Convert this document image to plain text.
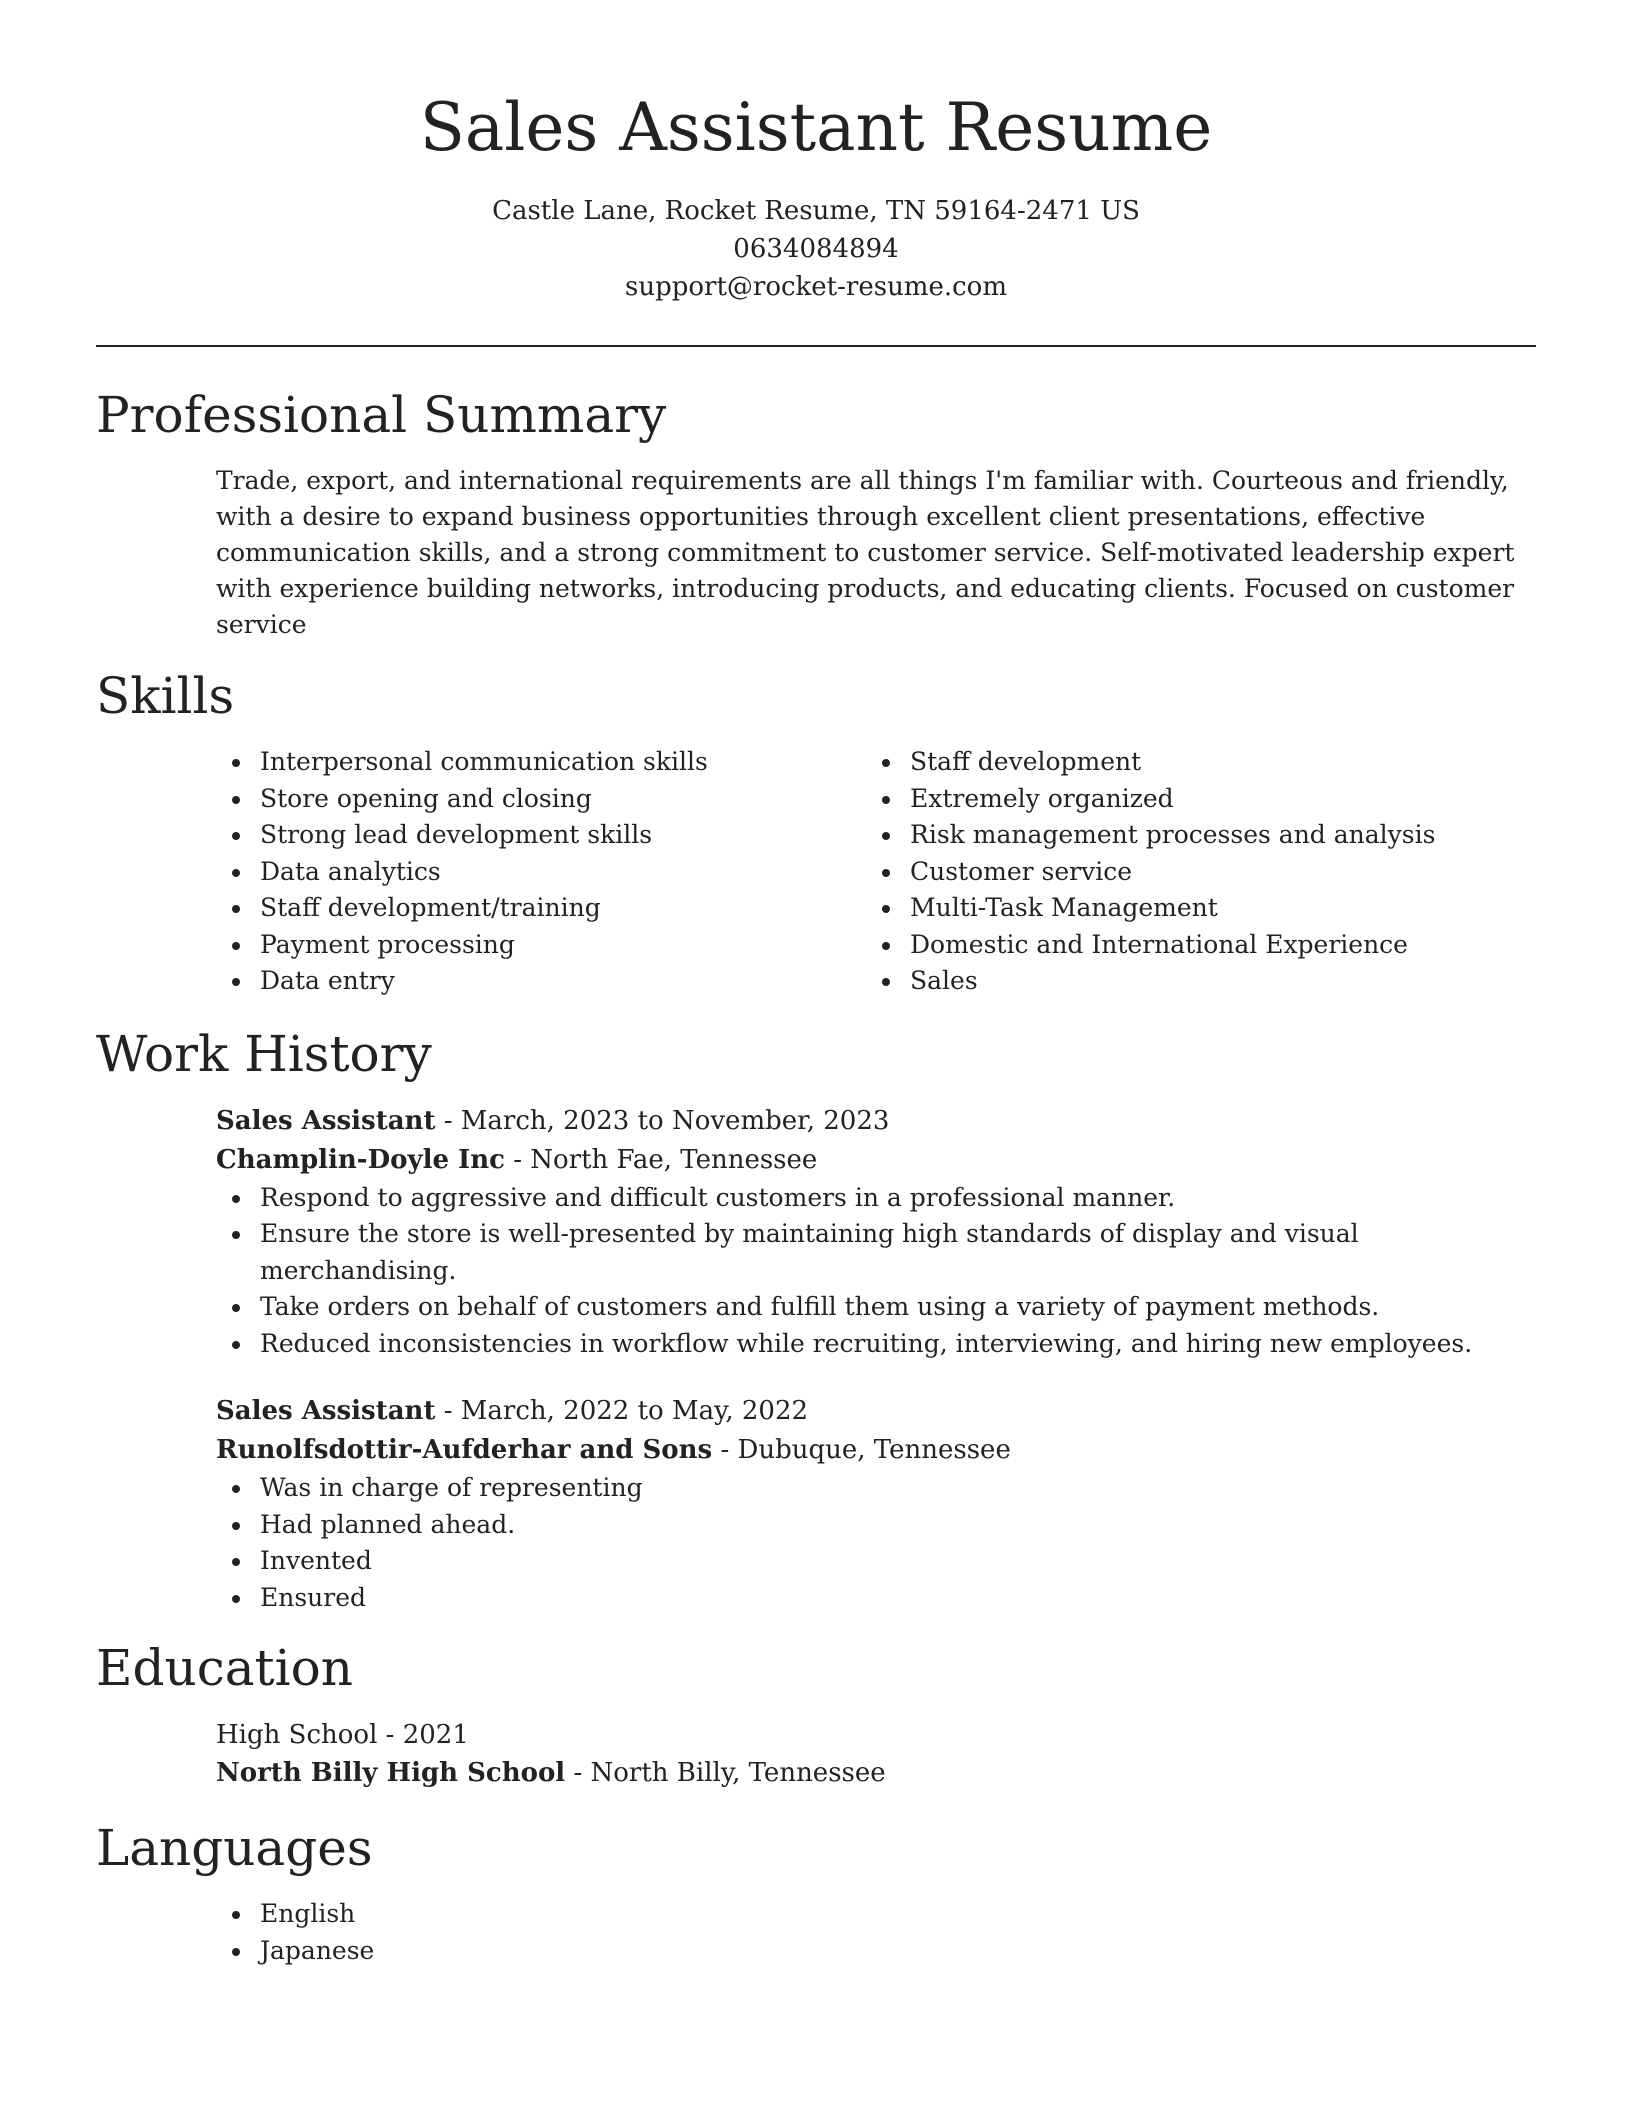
Sales Assistant Resume
Castle Lane, Rocket Resume, TN 59164-2471 US
0634084894
support@rocket-resume.com
Professional Summary

Trade, export, and international requirements are all things I'm familiar with. Courteous and friendly, with a desire to expand business opportunities through excellent client presentations, effective communication skills, and a strong commitment to customer service. Self-motivated leadership expert with experience building networks, introducing products, and educating clients. Focused on customer service

Skills
Interpersonal communication skills
Store opening and closing
Strong lead development skills
Data analytics
Staff development/training
Payment processing
Data entry
Staff development
Extremely organized
Risk management processes and analysis
Customer service
Multi-Task Management
Domestic and International Experience
Sales
Work History
Sales Assistant - March, 2023 to November, 2023
Champlin-Doyle Inc - North Fae, Tennessee
Respond to aggressive and difficult customers in a professional manner.
Ensure the store is well-presented by maintaining high standards of display and visual merchandising.
Take orders on behalf of customers and fulfill them using a variety of payment methods.
Reduced inconsistencies in workflow while recruiting, interviewing, and hiring new employees.
Sales Assistant - March, 2022 to May, 2022
Runolfsdottir-Aufderhar and Sons - Dubuque, Tennessee
Was in charge of representing
Had planned ahead.
Invented
Ensured
Education
High School - 2021
North Billy High School - North Billy, Tennessee
Languages
English
Japanese
